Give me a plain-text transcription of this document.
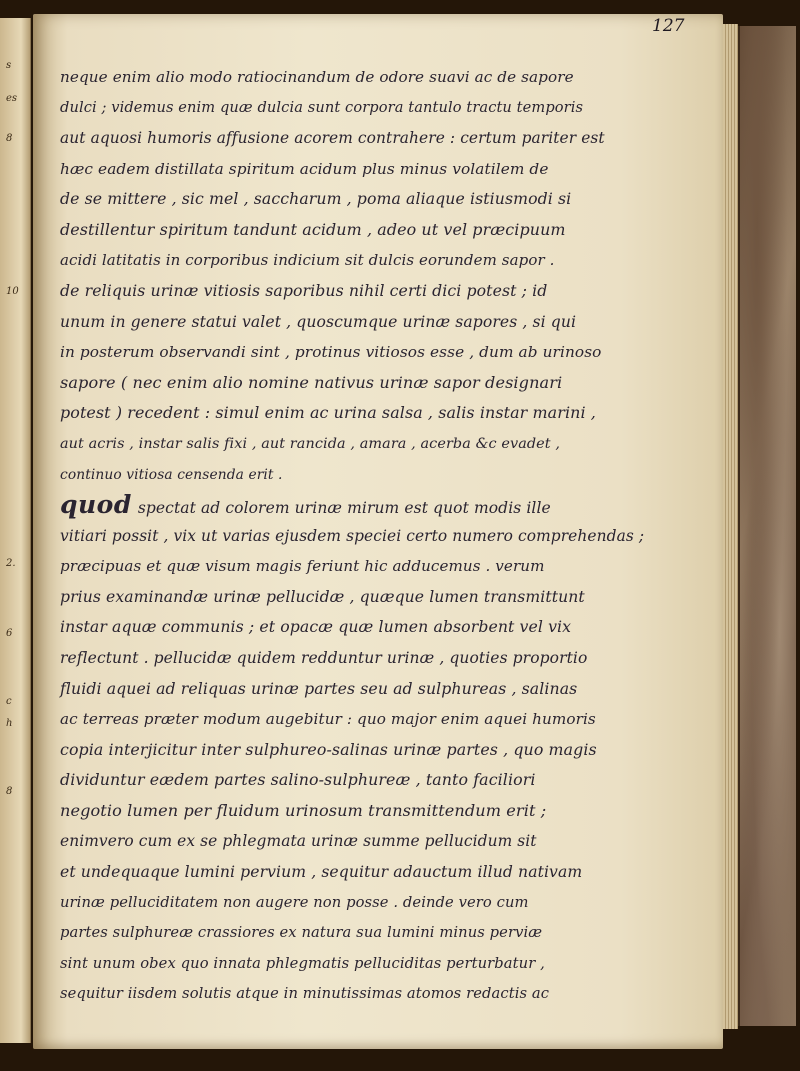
s
es
8
10
2.
6
c
h
8
127
neque enim alio modo ratiocinandum de odore suavi ac de sapore
dulci ; videmus enim quæ dulcia sunt corpora tantulo tractu temporis
aut aquosi humoris affusione acorem contrahere : certum pariter est
hæc eadem distillata spiritum acidum plus minus volatilem de
de se mittere , sic mel , saccharum , poma aliaque istiusmodi si
destillentur spiritum tandunt acidum , adeo ut vel præcipuum
acidi latitatis in corporibus indicium sit dulcis eorundem sapor .
de reliquis urinæ vitiosis saporibus nihil certi dici potest ; id
unum in genere statui valet , quoscumque urinæ sapores , si qui
in posterum observandi sint , protinus vitiosos esse , dum ab urinoso
sapore ( nec enim alio nomine nativus urinæ sapor designari
potest ) recedent : simul enim ac urina salsa , salis instar marini ,
aut acris , instar salis fixi , aut rancida , amara , acerba &c evadet ,
continuo vitiosa censenda erit .
quod spectat ad colorem urinæ mirum est quot modis ille
vitiari possit , vix ut varias ejusdem speciei certo numero comprehendas ;
præcipuas et quæ visum magis feriunt hic adducemus . verum
prius examinandæ urinæ pellucidæ , quæque lumen transmittunt
instar aquæ communis ; et opacæ quæ lumen absorbent vel vix
reflectunt . pellucidæ quidem redduntur urinæ , quoties proportio
fluidi aquei ad reliquas urinæ partes seu ad sulphureas , salinas
ac terreas præter modum augebitur : quo major enim aquei humoris
copia interjicitur inter sulphureo-salinas urinæ partes , quo magis
dividuntur eædem partes salino-sulphureæ , tanto faciliori
negotio lumen per fluidum urinosum transmittendum erit ;
enimvero cum ex se phlegmata urinæ summe pellucidum sit
et undequaque lumini pervium , sequitur adauctum illud nativam
urinæ pelluciditatem non augere non posse . deinde vero cum
partes sulphureæ crassiores ex natura sua lumini minus perviæ
sint unum obex quo innata phlegmatis pelluciditas perturbatur ,
sequitur iisdem solutis atque in minutissimas atomos redactis ac
